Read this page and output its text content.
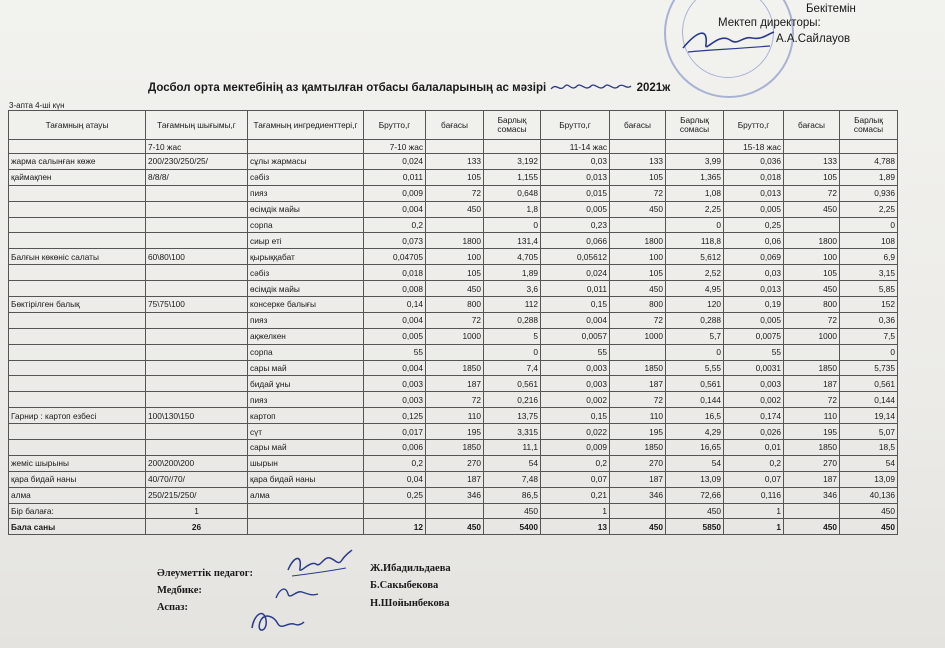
Бекітемін
Мектеп директоры:
А.А.Сайлауов
Досбол орта мектебінің аз қамтылған отбасы балаларының ас мәзірі	2021ж
3-апта 4-ші күн
Тағамның атауы	Тағамның шығымы,г	Тағамның ингредиенттері,г	Брутто,г	бағасы	Барлық сомасы	Брутто,г	бағасы	Барлық сомасы	Брутто,г	бағасы	Барлық сомасы
	7-10 жас		7-10 жас			11-14 жас			15-18 жас		
жарма салынған көже	200/230/250/25/	сұлы жармасы	0,024	133	3,192	0,03	133	3,99	0,036	133	4,788
қаймақпен	8/8/8/	сәбіз	0,011	105	1,155	0,013	105	1,365	0,018	105	1,89
		пияз	0,009	72	0,648	0,015	72	1,08	0,013	72	0,936
		өсімдік майы	0,004	450	1,8	0,005	450	2,25	0,005	450	2,25
		сорпа	0,2		0	0,23		0	0,25		0
		сиыр еті	0,073	1800	131,4	0,066	1800	118,8	0,06	1800	108
Балғын көкөніс салаты	60\80\100	қырыққабат	0,04705	100	4,705	0,05612	100	5,612	0,069	100	6,9
		сәбіз	0,018	105	1,89	0,024	105	2,52	0,03	105	3,15
		өсімдік майы	0,008	450	3,6	0,011	450	4,95	0,013	450	5,85
Бөктірілген балық	75\75\100	консерке балығы	0,14	800	112	0,15	800	120	0,19	800	152
		пияз	0,004	72	0,288	0,004	72	0,288	0,005	72	0,36
		ақжелкен	0,005	1000	5	0,0057	1000	5,7	0,0075	1000	7,5
		сорпа	55		0	55		0	55		0
		сары май	0,004	1850	7,4	0,003	1850	5,55	0,0031	1850	5,735
		бидай ұны	0,003	187	0,561	0,003	187	0,561	0,003	187	0,561
		пияз	0,003	72	0,216	0,002	72	0,144	0,002	72	0,144
Гарнир : картоп езбесі	100\130\150	картоп	0,125	110	13,75	0,15	110	16,5	0,174	110	19,14
		сүт	0,017	195	3,315	0,022	195	4,29	0,026	195	5,07
		сары май	0,006	1850	11,1	0,009	1850	16,65	0,01	1850	18,5
жеміс шырыны	200\200\200	шырын	0,2	270	54	0,2	270	54	0,2	270	54
қара бидай наны	40/70//70/	қара бидай наны	0,04	187	7,48	0,07	187	13,09	0,07	187	13,09
алма	250/215/250/	алма	0,25	346	86,5	0,21	346	72,66	0,116	346	40,136
Бір балаға:	1				450	1		450	1		450
Бала саны	26		12	450	5400	13	450	5850	1	450	450
Әлеуметтік педагог:
Медбике:
Аспаз:
Ж.Ибадильдаева
Б.Сакыбекова
Н.Шойынбекова
